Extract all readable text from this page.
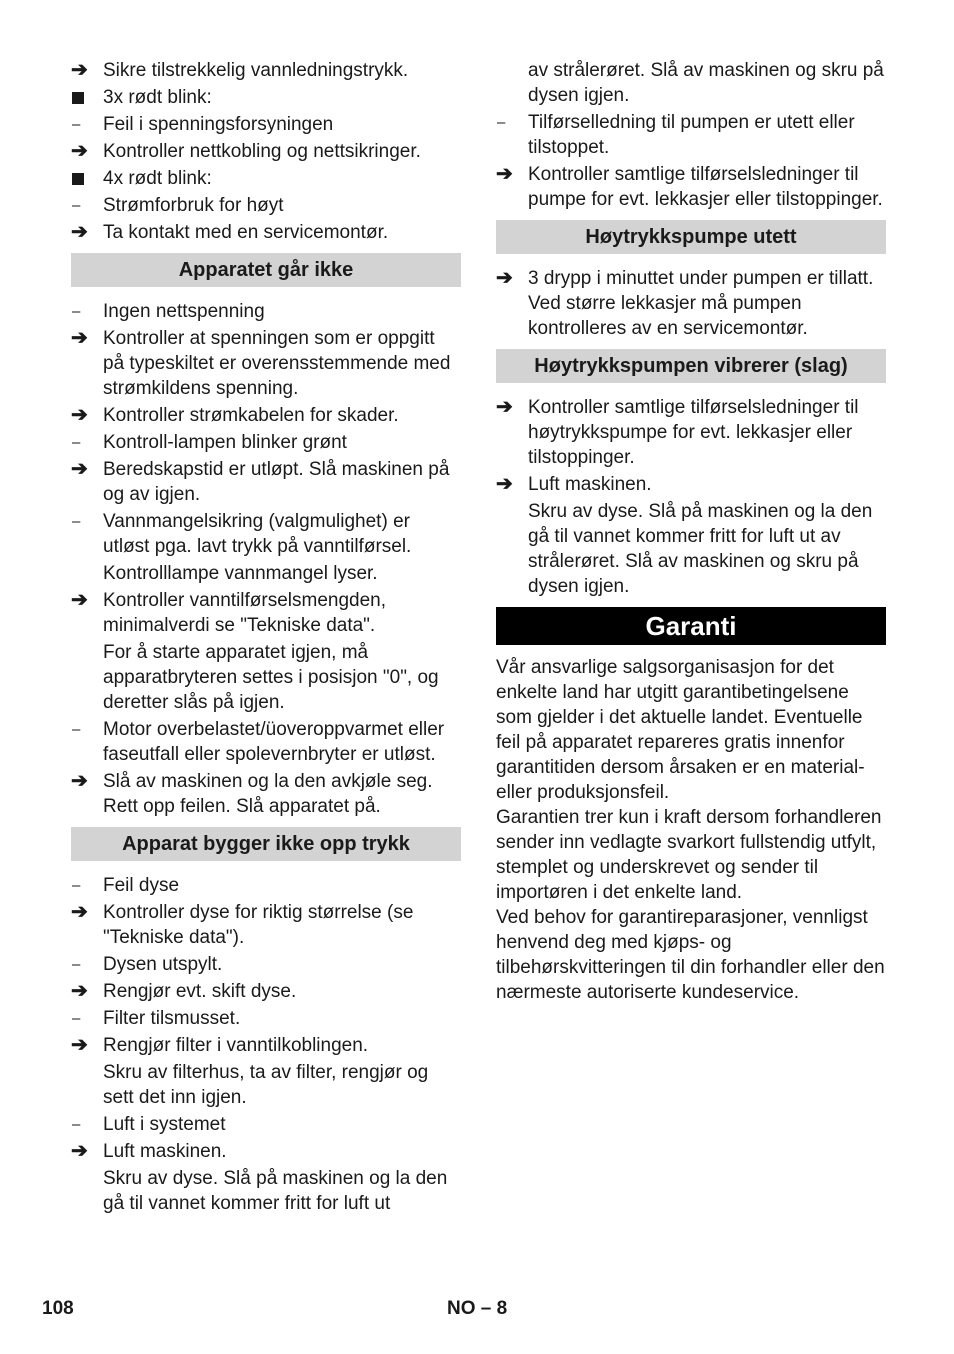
➔ Sikre tilstrekkelig vannledningstrykk.
3x rødt blink:
– Feil i spenningsforsyningen
➔ Kontroller nettkobling og nettsikringer.
4x rødt blink:
– Strømforbruk for høyt
➔ Ta kontakt med en servicemontør.
Apparatet går ikke
– Ingen nettspenning
➔ Kontroller at spenningen som er oppgitt på typeskiltet er overensstemmende med strømkildens spenning.
➔ Kontroller strømkabelen for skader.
– Kontroll-lampen blinker grønt
➔ Beredskapstid er utløpt. Slå maskinen på og av igjen.
– Vannmangelsikring (valgmulighet) er utløst pga. lavt trykk på vanntilførsel.
Kontrolllampe vannmangel lyser.
➔ Kontroller vanntilførselsmengden, minimalverdi se "Tekniske data".
For å starte apparatet igjen, må apparatbryteren settes i posisjon "0", og deretter slås på igjen.
– Motor overbelastet/üoveroppvarmet eller faseutfall eller spolevernbryter er utløst.
➔ Slå av maskinen og la den avkjøle seg. Rett opp feilen. Slå apparatet på.
Apparat bygger ikke opp trykk
– Feil dyse
➔ Kontroller dyse for riktig størrelse (se "Tekniske data").
– Dysen utspylt.
➔ Rengjør evt. skift dyse.
– Filter tilsmusset.
➔ Rengjør filter i vanntilkoblingen.
Skru av filterhus, ta av filter, rengjør og sett det inn igjen.
– Luft i systemet
➔ Luft maskinen.
Skru av dyse. Slå på maskinen og la den gå til vannet kommer fritt for luft ut
av strålerøret. Slå av maskinen og skru på dysen igjen.
– Tilførselledning til pumpen er utett eller tilstoppet.
➔ Kontroller samtlige tilførselsledninger til pumpe for evt. lekkasjer eller tilstoppinger.
Høytrykkspumpe utett
➔ 3 drypp i minuttet under pumpen er tillatt. Ved større lekkasjer må pumpen kontrolleres av en servicemontør.
Høytrykkspumpen vibrerer (slag)
➔ Kontroller samtlige tilførselsledninger til høytrykkspumpe for evt. lekkasjer eller tilstoppinger.
➔ Luft maskinen.
Skru av dyse. Slå på maskinen og la den gå til vannet kommer fritt for luft ut av strålerøret. Slå av maskinen og skru på dysen igjen.
Garanti
Vår ansvarlige salgsorganisasjon for det enkelte land har utgitt garantibetingelsene som gjelder i det aktuelle landet. Eventuelle feil på apparatet repareres gratis innenfor garantitiden dersom årsaken er en material- eller produksjonsfeil.
Garantien trer kun i kraft dersom forhandleren sender inn vedlagte svarkort fullstendig utfylt, stemplet og underskrevet og sender til importøren i det enkelte land.
Ved behov for garantireparasjoner, vennligst henvend deg med kjøps- og tilbehørskvitteringen til din forhandler eller den nærmeste autoriserte kundeservice.
108	NO – 8
